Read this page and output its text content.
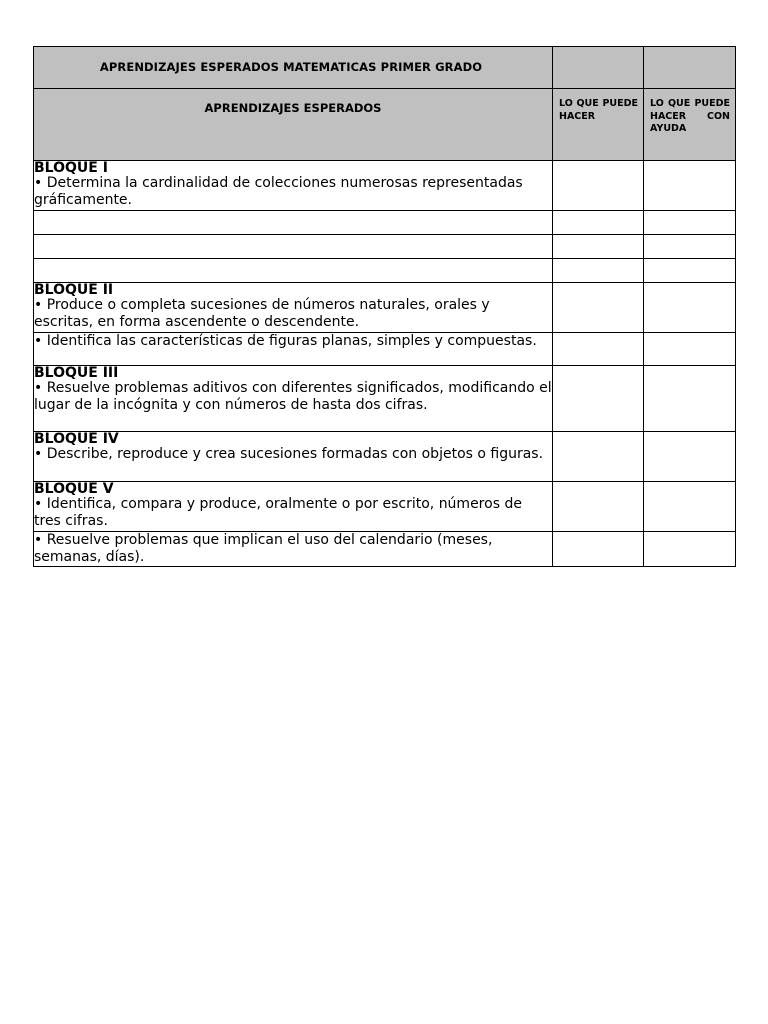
APRENDIZAJES ESPERADOS MATEMATICAS PRIMER GRADO		
APRENDIZAJES ESPERADOS	LO QUE PUEDE HACER	LO QUE PUEDE HACER CON AYUDA

BLOQUE I
• Determina la cardinalidad de colecciones numerosas representadas gráficamente.		

BLOQUE II
• Produce o completa sucesiones de números naturales, orales y escritas, en forma ascendente o descendente.		
• Identifica las características de figuras planas, simples y compuestas.		

BLOQUE III
• Resuelve problemas aditivos con diferentes significados, modificando el lugar de la incógnita y con números de hasta dos cifras.		

BLOQUE IV
• Describe, reproduce y crea sucesiones formadas con objetos o figuras.		

BLOQUE V
• Identifica, compara y produce, oralmente o por escrito, números de tres cifras.		
• Resuelve problemas que implican el uso del calendario (meses, semanas, días).		
